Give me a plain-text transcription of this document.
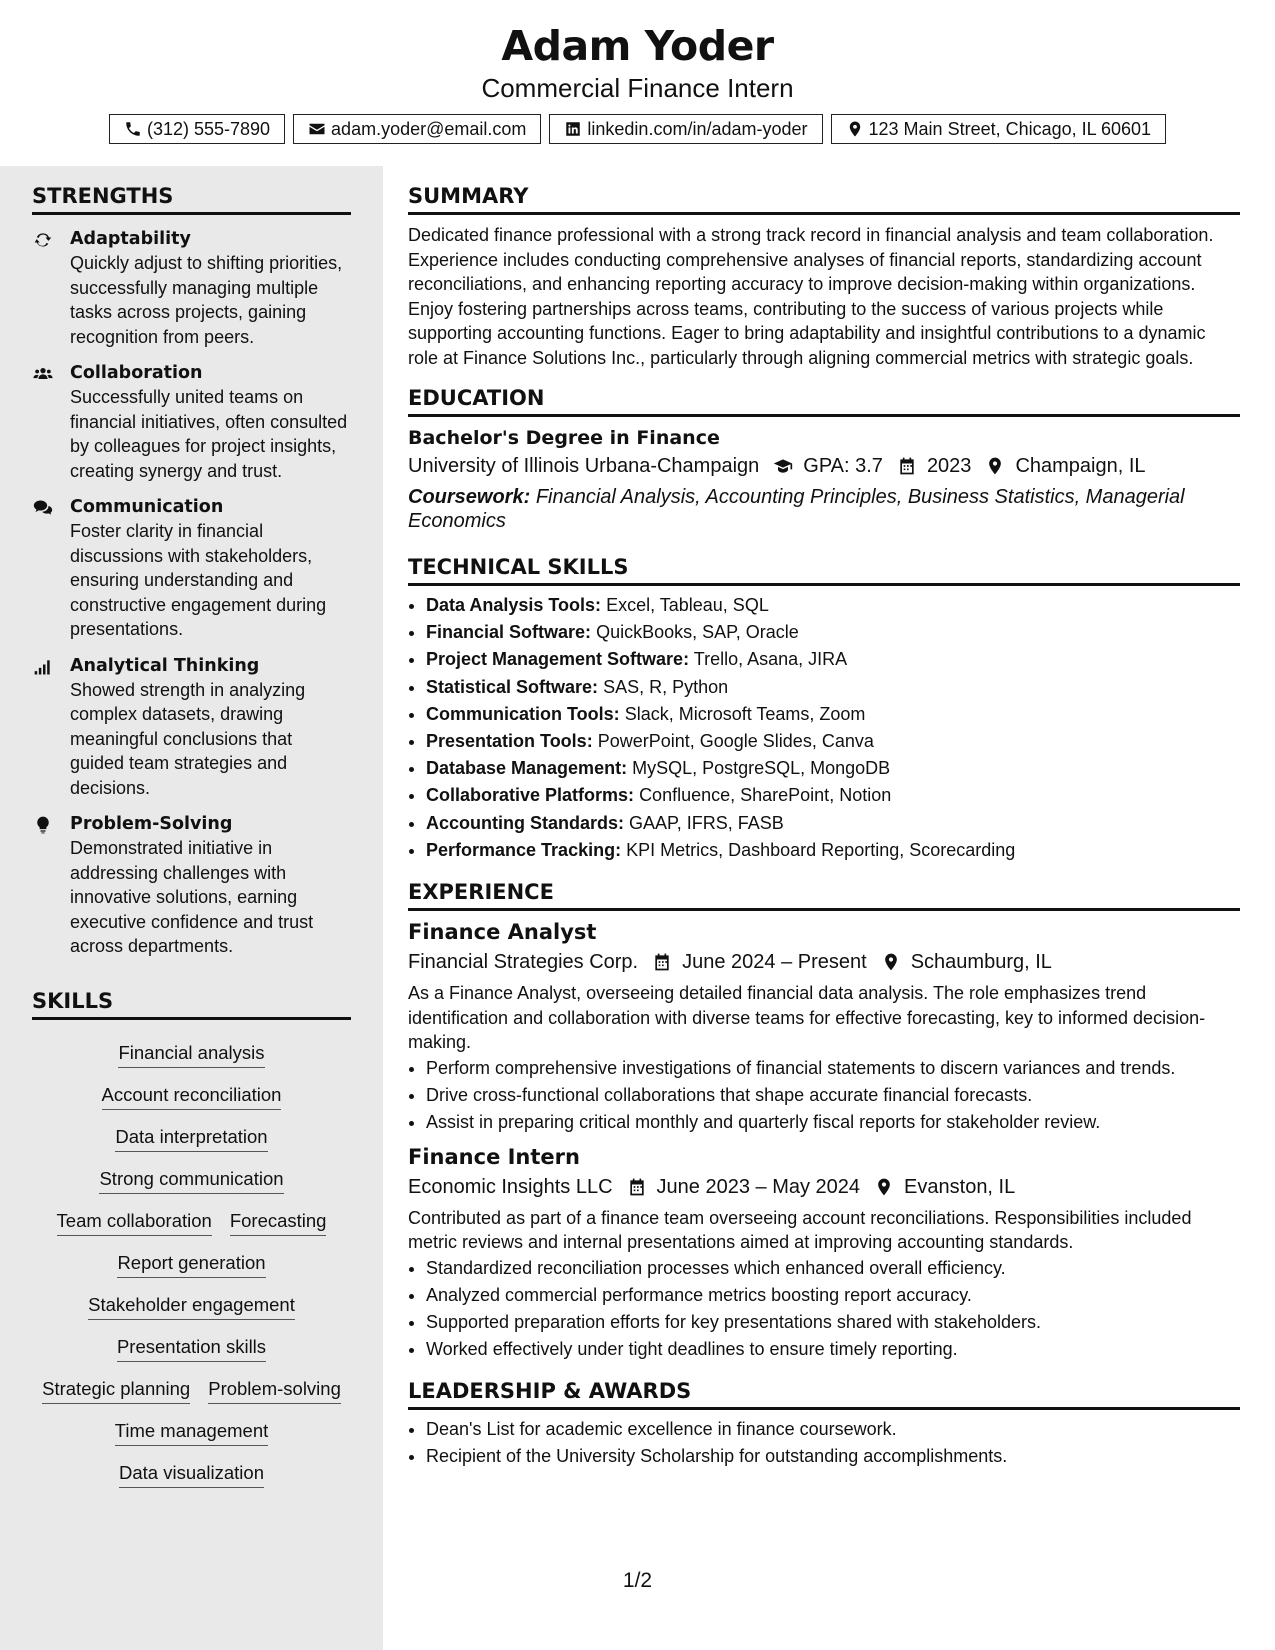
Adam Yoder
Commercial Finance Intern
(312) 555-7890	adam.yoder@email.com	linkedin.com/in/adam-yoder	123 Main Street, Chicago, IL 60601
STRENGTHS
Adaptability
Quickly adjust to shifting priorities, successfully managing multiple tasks across projects, gaining recognition from peers.
Collaboration
Successfully united teams on financial initiatives, often consulted by colleagues for project insights, creating synergy and trust.
Communication
Foster clarity in financial discussions with stakeholders, ensuring understanding and constructive engagement during presentations.
Analytical Thinking
Showed strength in analyzing complex datasets, drawing meaningful conclusions that guided team strategies and decisions.
Problem-Solving
Demonstrated initiative in addressing challenges with innovative solutions, earning executive confidence and trust across departments.
SKILLS
Financial analysis
Account reconciliation
Data interpretation
Strong communication
Team collaboration Forecasting
Report generation
Stakeholder engagement
Presentation skills
Strategic planning Problem-solving
Time management
Data visualization
SUMMARY
Dedicated finance professional with a strong track record in financial analysis and team collaboration. Experience includes conducting comprehensive analyses of financial reports, standardizing account reconciliations, and enhancing reporting accuracy to improve decision-making within organizations. Enjoy fostering partnerships across teams, contributing to the success of various projects while supporting accounting functions. Eager to bring adaptability and insightful contributions to a dynamic role at Finance Solutions Inc., particularly through aligning commercial metrics with strategic goals.
EDUCATION
Bachelor's Degree in Finance
University of Illinois Urbana-Champaign GPA: 3.7 2023 Champaign, IL
Coursework: Financial Analysis, Accounting Principles, Business Statistics, Managerial Economics
TECHNICAL SKILLS
• Data Analysis Tools: Excel, Tableau, SQL
• Financial Software: QuickBooks, SAP, Oracle
• Project Management Software: Trello, Asana, JIRA
• Statistical Software: SAS, R, Python
• Communication Tools: Slack, Microsoft Teams, Zoom
• Presentation Tools: PowerPoint, Google Slides, Canva
• Database Management: MySQL, PostgreSQL, MongoDB
• Collaborative Platforms: Confluence, SharePoint, Notion
• Accounting Standards: GAAP, IFRS, FASB
• Performance Tracking: KPI Metrics, Dashboard Reporting, Scorecarding
EXPERIENCE
Finance Analyst
Financial Strategies Corp. June 2024 – Present Schaumburg, IL
As a Finance Analyst, overseeing detailed financial data analysis. The role emphasizes trend identification and collaboration with diverse teams for effective forecasting, key to informed decision-making.
• Perform comprehensive investigations of financial statements to discern variances and trends.
• Drive cross-functional collaborations that shape accurate financial forecasts.
• Assist in preparing critical monthly and quarterly fiscal reports for stakeholder review.
Finance Intern
Economic Insights LLC June 2023 – May 2024 Evanston, IL
Contributed as part of a finance team overseeing account reconciliations. Responsibilities included metric reviews and internal presentations aimed at improving accounting standards.
• Standardized reconciliation processes which enhanced overall efficiency.
• Analyzed commercial performance metrics boosting report accuracy.
• Supported preparation efforts for key presentations shared with stakeholders.
• Worked effectively under tight deadlines to ensure timely reporting.
LEADERSHIP & AWARDS
• Dean's List for academic excellence in finance coursework.
• Recipient of the University Scholarship for outstanding accomplishments.
1/2
